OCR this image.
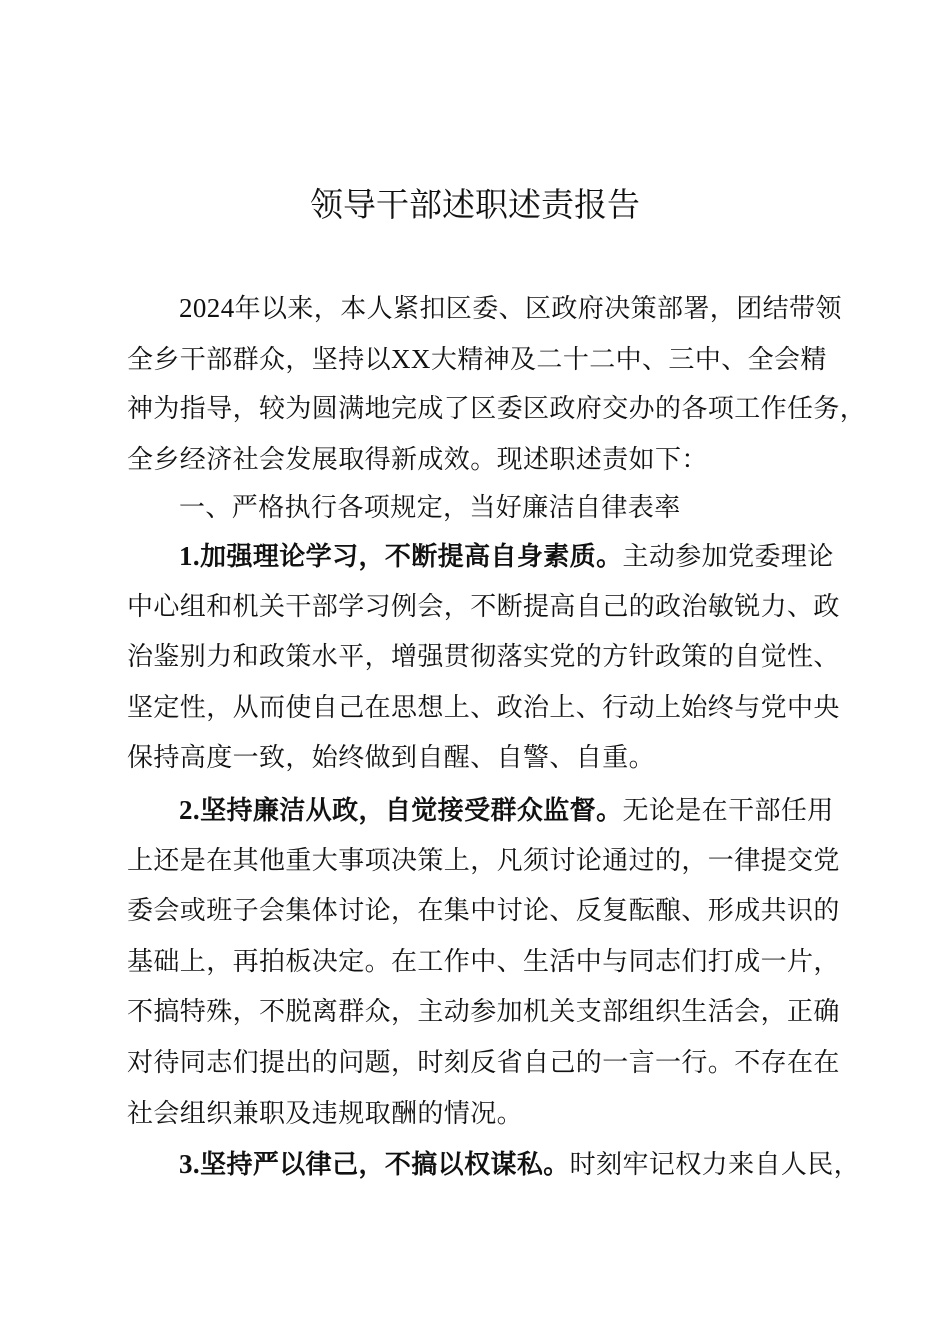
领导干部述职述责报告
2024年以来，本人紧扣区委、区政府决策部署，团结带领
全乡干部群众，坚持以XX大精神及二十二中、三中、全会精
神为指导，较为圆满地完成了区委区政府交办的各项工作任务，
全乡经济社会发展取得新成效。现述职述责如下：
一、严格执行各项规定，当好廉洁自律表率
1.加强理论学习，不断提高自身素质。主动参加党委理论
中心组和机关干部学习例会，不断提高自己的政治敏锐力、政
治鉴别力和政策水平，增强贯彻落实党的方针政策的自觉性、
坚定性，从而使自己在思想上、政治上、行动上始终与党中央
保持高度一致，始终做到自醒、自警、自重。
2.坚持廉洁从政，自觉接受群众监督。无论是在干部任用
上还是在其他重大事项决策上，凡须讨论通过的，一律提交党
委会或班子会集体讨论，在集中讨论、反复酝酿、形成共识的
基础上，再拍板决定。在工作中、生活中与同志们打成一片，
不搞特殊，不脱离群众，主动参加机关支部组织生活会，正确
对待同志们提出的问题，时刻反省自己的一言一行。不存在在
社会组织兼职及违规取酬的情况。
3.坚持严以律己，不搞以权谋私。时刻牢记权力来自人民，
